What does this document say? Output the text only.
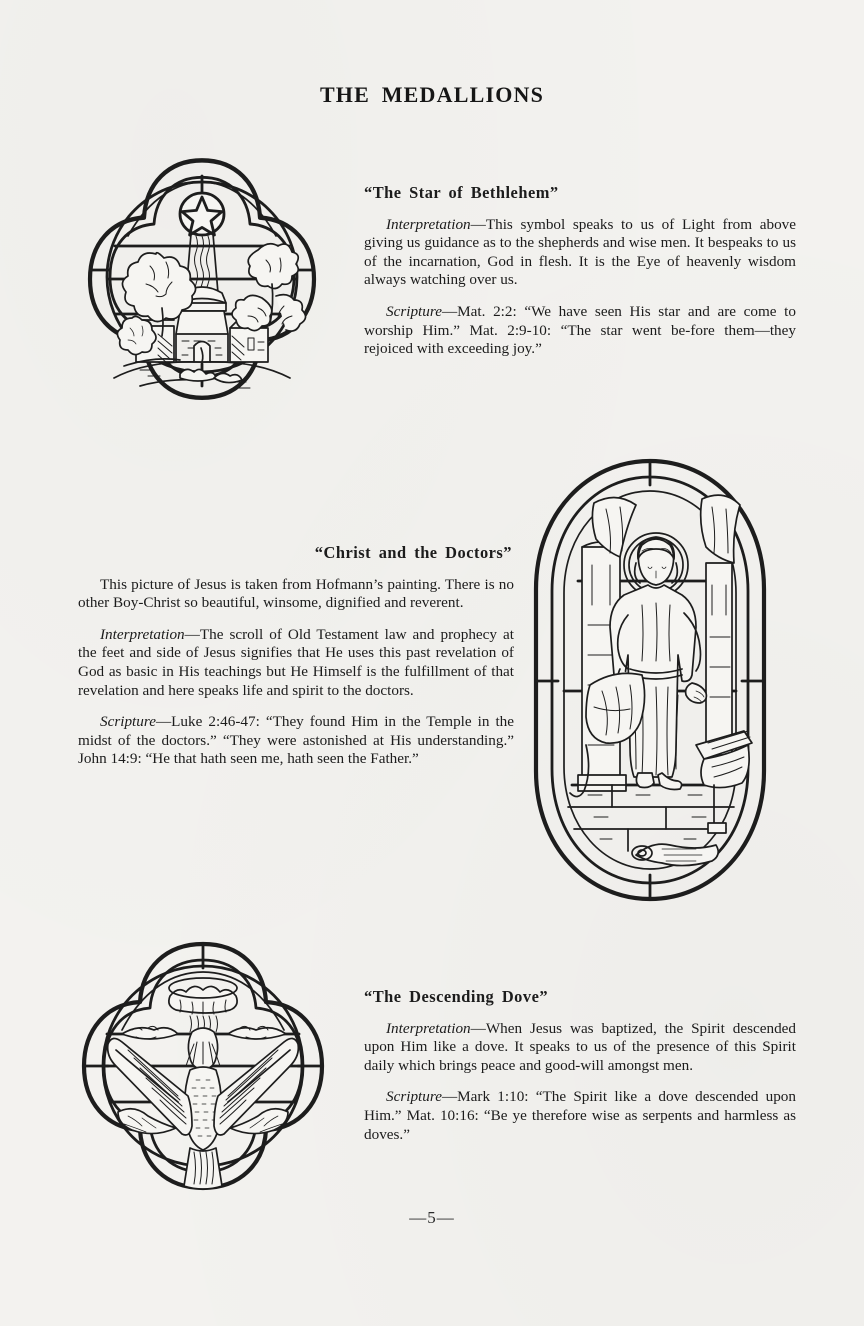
THE MEDALLIONS
“The Star of Bethlehem”

Interpretation—This symbol speaks to us of Light from above giving us guidance as to the shepherds and wise men. It bespeaks to us of the incarnation, God in flesh. It is the Eye of heavenly wisdom always watching over us.

Scripture—Mat. 2:2: “We have seen His star and are come to worship Him.” Mat. 2:9-10: “The star went be-fore them—they rejoiced with exceeding joy.”

“Christ and the Doctors”

This picture of Jesus is taken from Hofmann’s painting. There is no other Boy-Christ so beautiful, winsome, dignified and reverent.

Interpretation—The scroll of Old Testament law and prophecy at the feet and side of Jesus signifies that He uses this past revelation of God as basic in His teachings but He Himself is the fulfillment of that revelation and here speaks life and spirit to the doctors.

Scripture—Luke 2:46-47: “They found Him in the Temple in the midst of the doctors.” “They were astonished at His understanding.” John 14:9: “He that hath seen me, hath seen the Father.”

“The Descending Dove”

Interpretation—When Jesus was baptized, the Spirit descended upon Him like a dove. It speaks to us of the presence of this Spirit daily which brings peace and good-will amongst men.

Scripture—Mark 1:10: “The Spirit like a dove descended upon Him.” Mat. 10:16: “Be ye therefore wise as serpents and harmless as doves.”

—5—
